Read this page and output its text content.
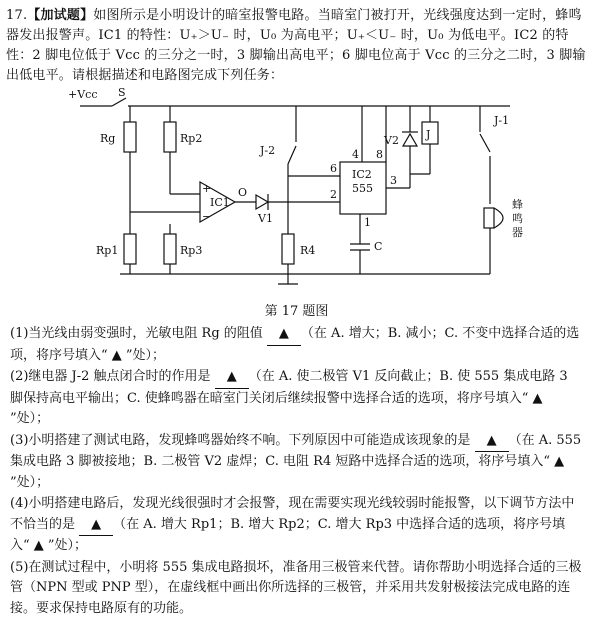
17.【加试题】如图所示是小明设计的暗室报警电路。当暗室门被打开，光线强度达到一定时，蜂鸣器发出报警声。IC1 的特性：U₊＞U₋ 时，U₀ 为高电平；U₊＜U₋ 时，U₀ 为低电平。IC2 的特性：2 脚电位低于 Vcc 的三分之一时，3 脚输出高电平；6 脚电位高于 Vcc 的三分之二时，3 脚输出低电平。请根据描述和电路图完成下列任务：
+Vcc S
Rg	Rp2
Rp1	Rp3
IC1
+
−
O
V1
R4
J-2
IC2
555
6
4 8
2
1
3
C
V2 J
J-1
蜂
鸣
器
第 17 题图
(1)当光线由弱变强时，光敏电阻 Rg 的阻值 ▲ （在 A. 增大；B. 减小；C. 不变中选择合适的选项，将序号填入“ ▲ ”处）；
(2)继电器 J-2 触点闭合时的作用是 ▲ （在 A. 使二极管 V1 反向截止；B. 使 555 集成电路 3 脚保持高电平输出；C. 使蜂鸣器在暗室门关闭后继续报警中选择合适的选项，将序号填入“ ▲ ”处）；
(3)小明搭建了测试电路，发现蜂鸣器始终不响。下列原因中可能造成该现象的是 ▲ （在 A. 555 集成电路 3 脚被接地；B. 二极管 V2 虚焊；C. 电阻 R4 短路中选择合适的选项，将序号填入“ ▲ ”处）；
(4)小明搭建电路后，发现光线很强时才会报警，现在需要实现光线较弱时能报警，以下调节方法中不恰当的是 ▲ （在 A. 增大 Rp1；B. 增大 Rp2；C. 增大 Rp3 中选择合适的选项，将序号填入“ ▲ ”处）；
(5)在测试过程中，小明将 555 集成电路损坏，准备用三极管来代替。请你帮助小明选择合适的三极管（NPN 型或 PNP 型），在虚线框中画出你所选择的三极管，并采用共发射极接法完成电路的连接。要求保持电路原有的功能。
